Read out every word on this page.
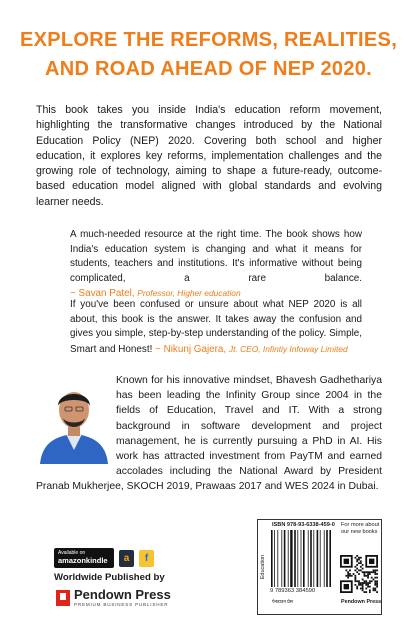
EXPLORE THE REFORMS, REALITIES,
AND ROAD AHEAD OF NEP 2020.

This book takes you inside India's education reform movement, highlighting the transformative changes introduced by the National Education Policy (NEP) 2020. Covering both school and higher education, it explores key reforms, implementation challenges and the growing role of technology, aiming to shape a future-ready, outcome-based education model aligned with global standards and evolving learner needs.

A much-needed resource at the right time. The book shows how India's education system is changing and what it means for students, teachers and institutions. It's informative without being complicated, a rare balance. ~ Savan Patel, Professor, Higher education

If you've been confused or unsure about what NEP 2020 is all about, this book is the answer. It takes away the confusion and gives you simple, step-by-step understanding of the policy. Simple, Smart and Honest! ~ Nikunj Gajera, Jt. CEO, Infintiy Infoway Limited

Known for his innovative mindset, Bhavesh Gadhethariya has been leading the Infinity Group since 2004 in the fields of Education, Travel and IT. With a strong background in software development and project management, he is currently pursuing a PhD in AI. His work has attracted investment from PayTM and earned accolades including the National Award by President Pranab Mukherjee, SKOCH 2019, Prawaas 2017 and WES 2024 in Dubai.

Available on
amazonkindle	a	f
Worldwide Published by
Pendown Press
PREMIUM BUSINESS PUBLISHER
Education
ISBN 978-93-6338-459-0
9 789363 384590
पेनडाउन प्रेस
For more about our new books
Pendown Press
